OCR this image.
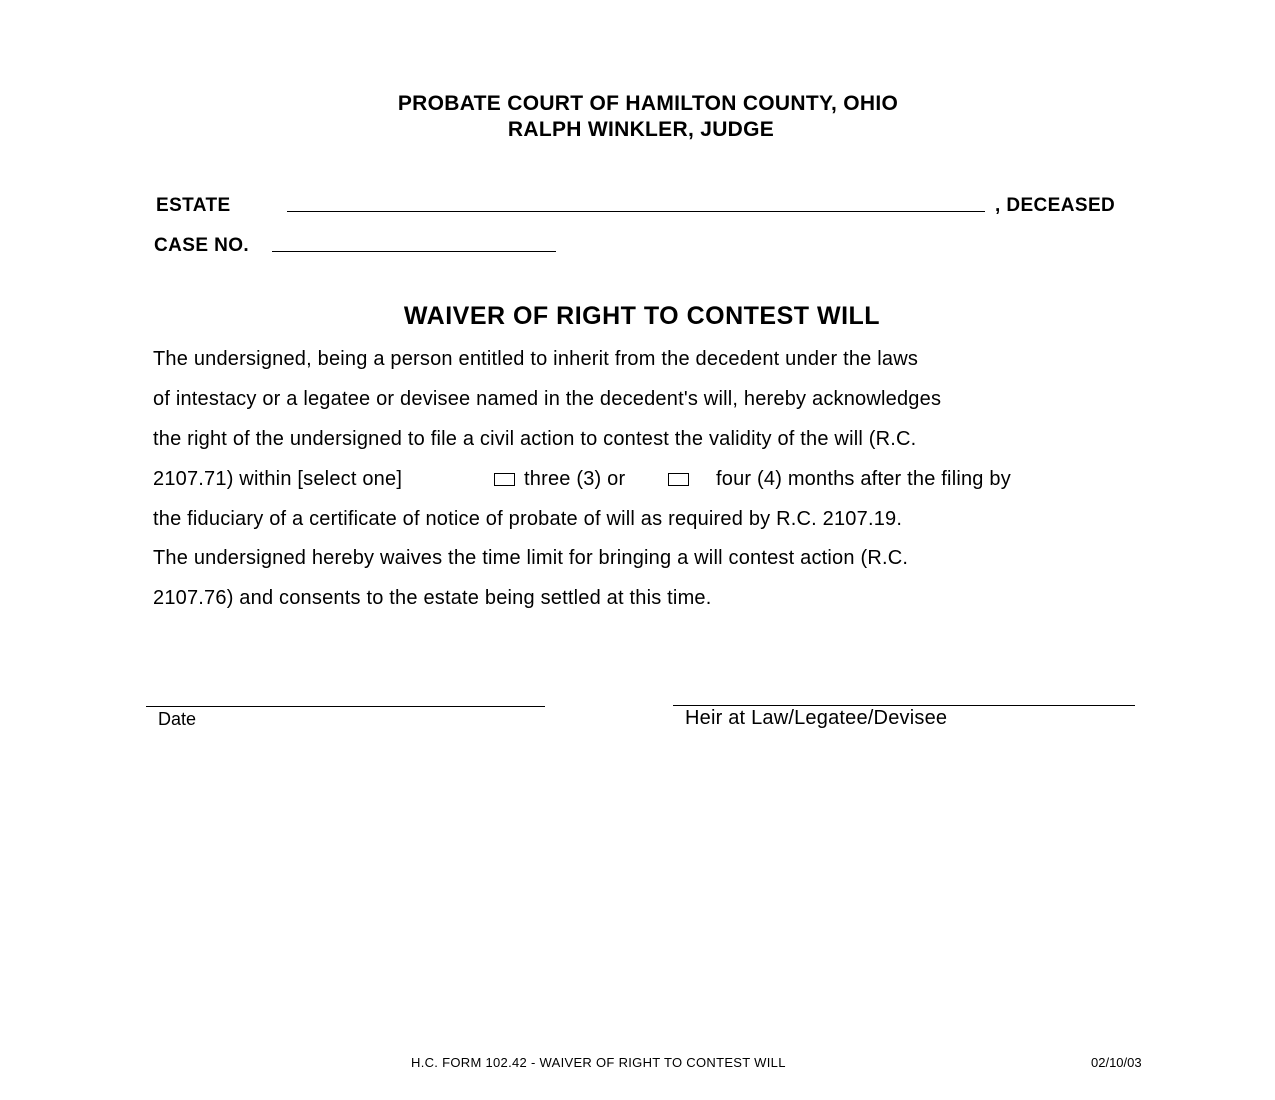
PROBATE COURT OF HAMILTON COUNTY, OHIO
RALPH WINKLER, JUDGE
ESTATE	, DECEASED
CASE NO.
WAIVER OF RIGHT TO CONTEST WILL
The undersigned, being a person entitled to inherit from the decedent under the laws
of intestacy or a legatee or devisee named in the decedent's will, hereby acknowledges
the right of the undersigned to file a civil action to contest the validity of the will (R.C.
2107.71) within [select one]	three (3) or	four (4) months after the filing by
the fiduciary of a certificate of notice of probate of will as required by R.C. 2107.19.
The undersigned hereby waives the time limit for bringing a will contest action (R.C.
2107.76) and consents to the estate being settled at this time.
Date	Heir at Law/Legatee/Devisee
H.C. FORM 102.42 - WAIVER OF RIGHT TO CONTEST WILL	02/10/03
